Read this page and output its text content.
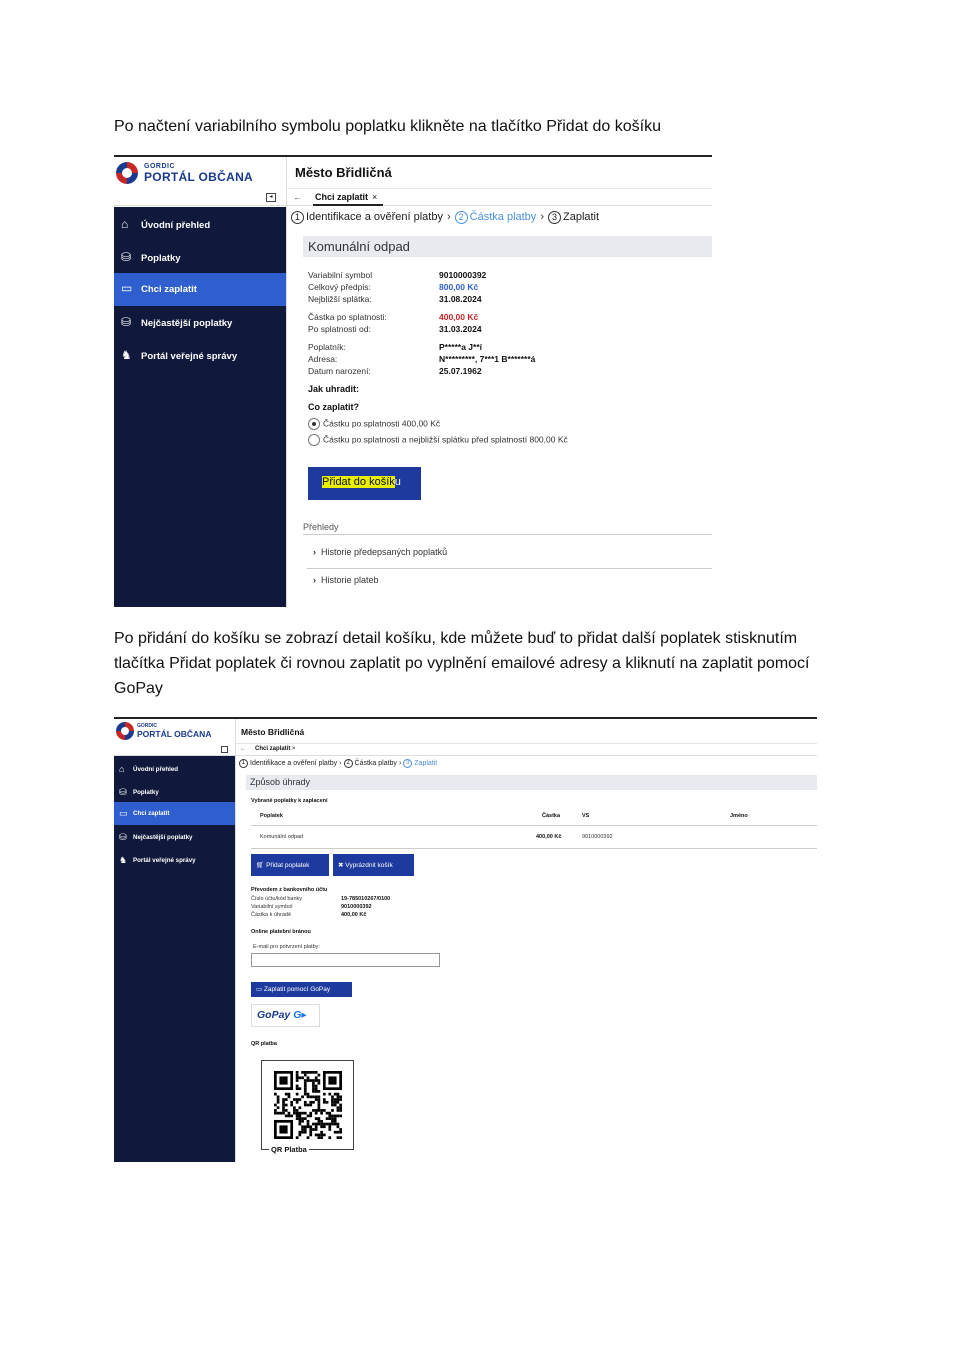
Po načtení variabilního symbolu poplatku klikněte na tlačítko Přidat do košíku

GORDIC
PORTÁL OBČANA	Město Břidličná
◂
⌂ Úvodní přehled
⛁ Poplatky
▭ Chci zaplatit
⛁ Nejčastější poplatky
♞ Portál veřejné správy
← Chci zaplatit ×
1 Identifikace a ověření platby › 2 Částka platby › 3 Zaplatit
Komunální odpad
Variabilní symbol	9010000392
Celkový předpis:	800,00 Kč
Nejbližší splátka:	31.08.2024
Částka po splatnosti:	400,00 Kč
Po splatnosti od:	31.03.2024
Poplatník:	P*****a J**í
Adresa:	N*********, 7***1 B*******á
Datum narození:	25.07.1962
Jak uhradit:
Co zaplatit?
Částku po splatnosti 400,00 Kč
Částku po splatnosti a nejbližší splátku před splatností 800,00 Kč
Přidat do košíku
Přehledy
› Historie předepsaných poplatků
› Historie plateb

Po přidání do košíku se zobrazí detail košíku, kde můžete buď to přidat další poplatek stisknutím tlačítka Přidat poplatek či rovnou zaplatit po vyplnění emailové adresy a kliknutí na zaplatit pomocí GoPay

GORDIC
PORTÁL OBČANA	Město Břidličná
⌂ Úvodní přehled
⛁ Poplatky
▭ Chci zaplatit
⛁ Nejčastější poplatky
♞ Portál veřejné správy
←	Chci zaplatit ×
1 Identifikace a ověření platby › 2 Částka platby › 3 Zaplatit
Způsob úhrady
Vybrané poplatky k zaplacení
Poplatek	Částka	VS	Jméno
Komunální odpad	400,00 Kč	9010000392
🛒︎ Přidat poplatek	✖ Vyprázdnit košík
Převodem z bankovního účtu
Číslo účtu/kód banky	19-785010267/0100
Variabilní symbol	9010000392
Částka k úhradě	400,00 Kč
Online platební bránou
E-mail pro potvrzení platby:
▭ Zaplatit pomocí GoPay
GoPay G▸
QR platba
QR Platba
